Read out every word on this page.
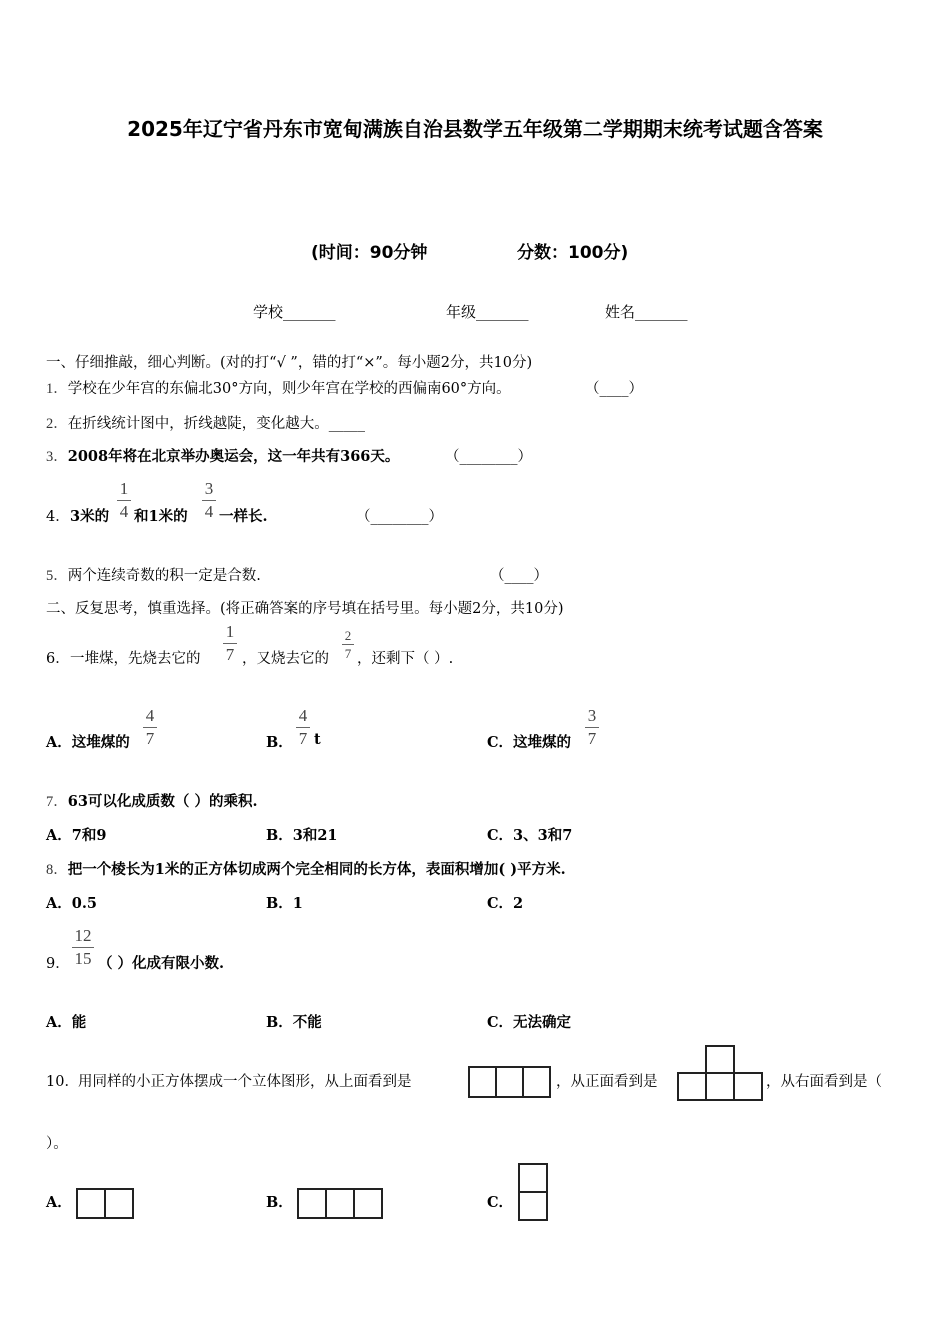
2025年辽宁省丹东市宽甸满族自治县数学五年级第二学期期末统考试题含答案
(时间：90分钟	分数：100分)
学校_______	年级_______	姓名_______
一、仔细推敲，细心判断。(对的打“√ ”，错的打“×”。每小题2分，共10分)
1．学校在少年宫的东偏北30°方向，则少年宫在学校的西偏南60°方向。	（____）
2．在折线统计图中，折线越陡，变化越大。_____
3．2008年将在北京举办奥运会，这一年共有366天。	（________）
4． 3米的
1
4 和1米的
3
4 一样长.	（________）
5．两个连续奇数的积一定是合数.	（____）
二、反复思考，慎重选择。(将正确答案的序号填在括号里。每小题2分，共10分)
6． 一堆煤，先烧去它的
1
7 ，又烧去它的
2
7 ，还剩下（ ）.
A．这堆煤的
4
7	B．
4
7 t	C．这堆煤的
3
7
7．63可以化成质数（ ）的乘积.
A．7和9	B．3和21	C．3、3和7
8．把一个棱长为1米的正方体切成两个完全相同的长方体，表面积增加( )平方米.
A．0.5	B．1	C．2
9．
12
15 （ ）化成有限小数.
A．能	B．不能	C．无法确定
10． 用同样的小正方体摆成一个立体图形，从上面看到是	，从正面看到是	，从右面看到是（
）。
A．	B．	C．
